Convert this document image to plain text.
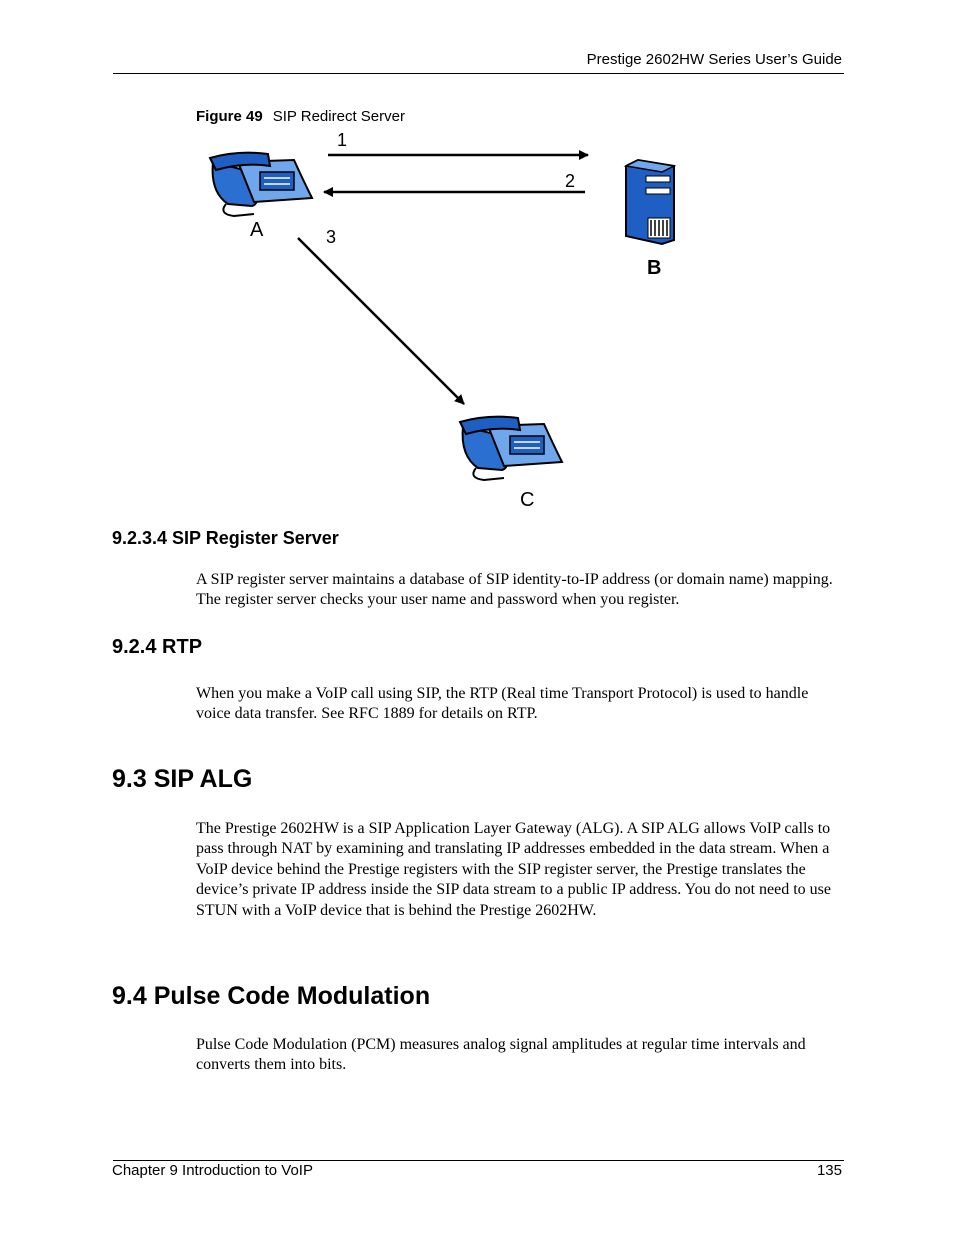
Prestige 2602HW Series User’s Guide
Figure 49 SIP Redirect Server
A
B
C
1
2
3
9.2.3.4 SIP Register Server

A SIP register server maintains a database of SIP identity-to-IP address (or domain name) mapping. The register server checks your user name and password when you register.

9.2.4 RTP

When you make a VoIP call using SIP, the RTP (Real time Transport Protocol) is used to handle voice data transfer. See RFC 1889 for details on RTP.

9.3 SIP ALG

The Prestige 2602HW is a SIP Application Layer Gateway (ALG). A SIP ALG allows VoIP calls to pass through NAT by examining and translating IP addresses embedded in the data stream. When a VoIP device behind the Prestige registers with the SIP register server, the Prestige translates the device’s private IP address inside the SIP data stream to a public IP address. You do not need to use STUN with a VoIP device that is behind the Prestige 2602HW.

9.4 Pulse Code Modulation

Pulse Code Modulation (PCM) measures analog signal amplitudes at regular time intervals and converts them into bits.

Chapter 9 Introduction to VoIP	135
